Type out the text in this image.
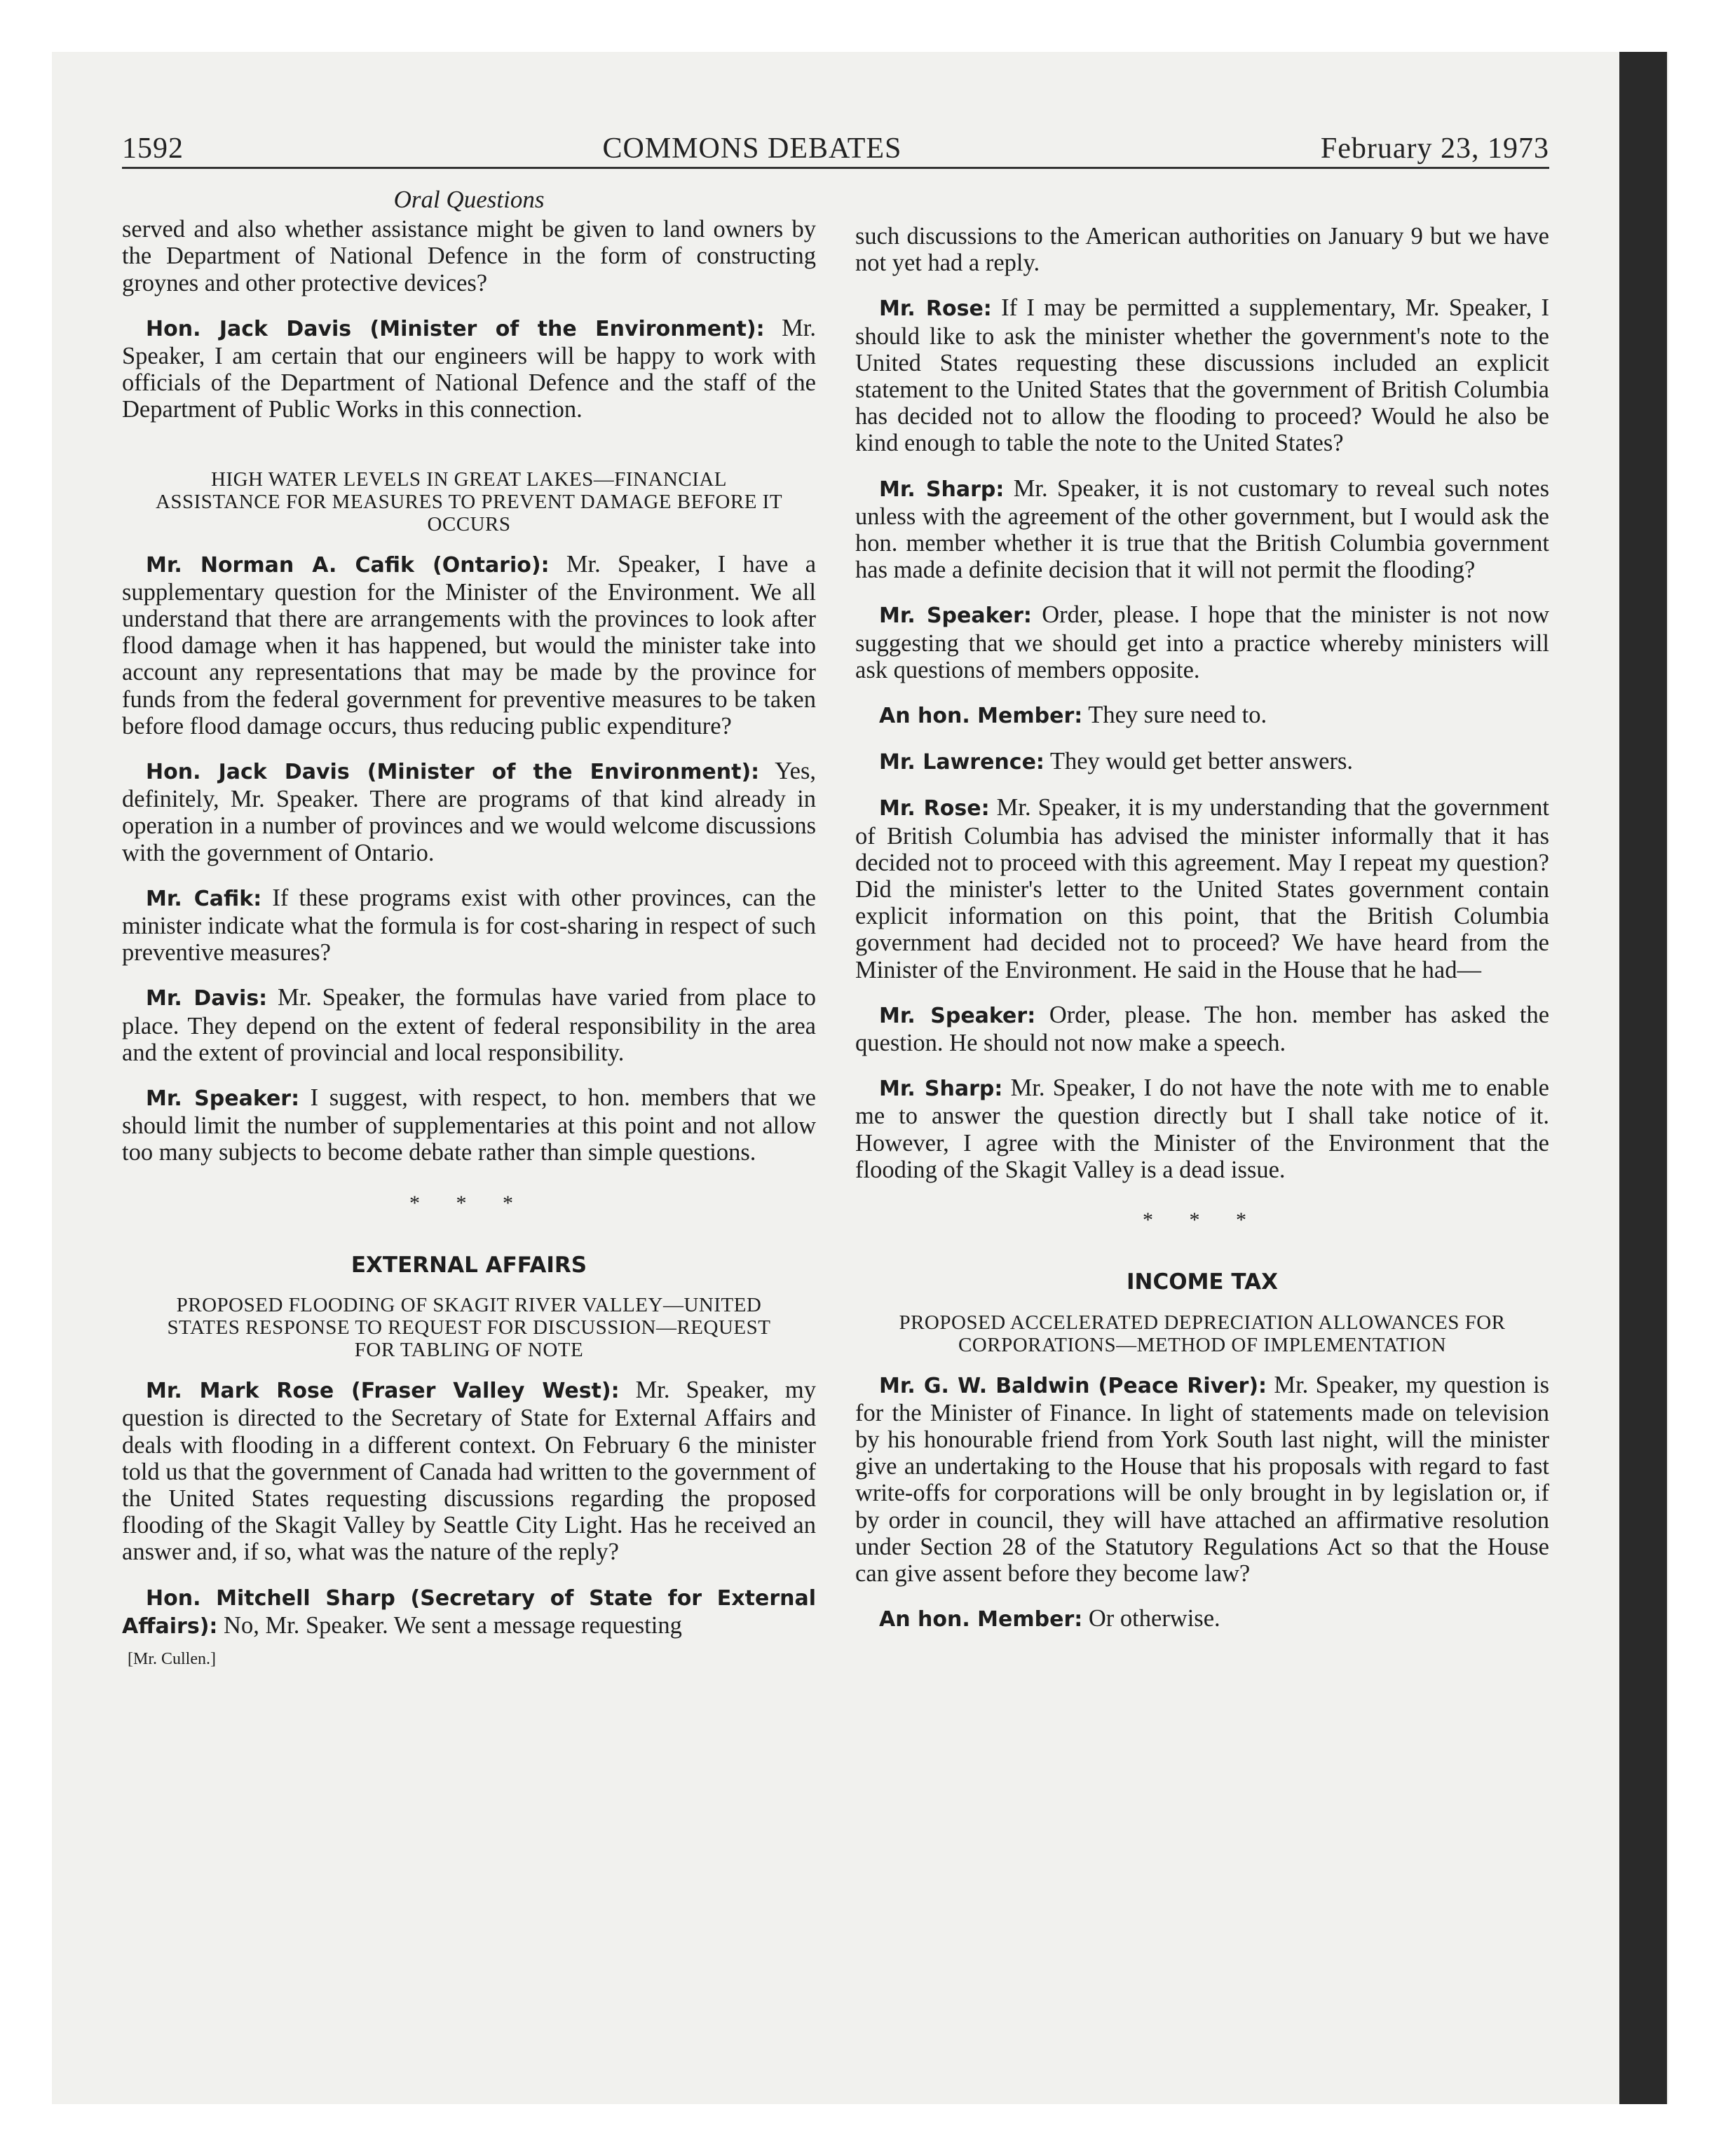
1592	COMMONS DEBATES	February 23, 1973
Oral Questions

served and also whether assistance might be given to land owners by the Department of National Defence in the form of constructing groynes and other protective devices?

Hon. Jack Davis (Minister of the Environment): Mr. Speaker, I am certain that our engineers will be happy to work with officials of the Department of National Defence and the staff of the Department of Public Works in this connection.

HIGH WATER LEVELS IN GREAT LAKES—FINANCIAL ASSISTANCE FOR MEASURES TO PREVENT DAMAGE BEFORE IT OCCURS

Mr. Norman A. Cafik (Ontario): Mr. Speaker, I have a supplementary question for the Minister of the Environment. We all understand that there are arrangements with the provinces to look after flood damage when it has happened, but would the minister take into account any representations that may be made by the province for funds from the federal government for preventive measures to be taken before flood damage occurs, thus reducing public expenditure?

Hon. Jack Davis (Minister of the Environment): Yes, definitely, Mr. Speaker. There are programs of that kind already in operation in a number of provinces and we would welcome discussions with the government of Ontario.

Mr. Cafik: If these programs exist with other provinces, can the minister indicate what the formula is for cost-sharing in respect of such preventive measures?

Mr. Davis: Mr. Speaker, the formulas have varied from place to place. They depend on the extent of federal responsibility in the area and the extent of provincial and local responsibility.

Mr. Speaker: I suggest, with respect, to hon. members that we should limit the number of supplementaries at this point and not allow too many subjects to become debate rather than simple questions.

* * *
EXTERNAL AFFAIRS
PROPOSED FLOODING OF SKAGIT RIVER VALLEY—UNITED STATES RESPONSE TO REQUEST FOR DISCUSSION—REQUEST FOR TABLING OF NOTE

Mr. Mark Rose (Fraser Valley West): Mr. Speaker, my question is directed to the Secretary of State for External Affairs and deals with flooding in a different context. On February 6 the minister told us that the government of Canada had written to the government of the United States requesting discussions regarding the proposed flooding of the Skagit Valley by Seattle City Light. Has he received an answer and, if so, what was the nature of the reply?

Hon. Mitchell Sharp (Secretary of State for External Affairs): No, Mr. Speaker. We sent a message requesting

[Mr. Cullen.]

such discussions to the American authorities on January 9 but we have not yet had a reply.

Mr. Rose: If I may be permitted a supplementary, Mr. Speaker, I should like to ask the minister whether the government's note to the United States requesting these discussions included an explicit statement to the United States that the government of British Columbia has decided not to allow the flooding to proceed? Would he also be kind enough to table the note to the United States?

Mr. Sharp: Mr. Speaker, it is not customary to reveal such notes unless with the agreement of the other government, but I would ask the hon. member whether it is true that the British Columbia government has made a definite decision that it will not permit the flooding?

Mr. Speaker: Order, please. I hope that the minister is not now suggesting that we should get into a practice whereby ministers will ask questions of members opposite.

An hon. Member: They sure need to.

Mr. Lawrence: They would get better answers.

Mr. Rose: Mr. Speaker, it is my understanding that the government of British Columbia has advised the minister informally that it has decided not to proceed with this agreement. May I repeat my question? Did the minister's letter to the United States government contain explicit information on this point, that the British Columbia government had decided not to proceed? We have heard from the Minister of the Environment. He said in the House that he had—

Mr. Speaker: Order, please. The hon. member has asked the question. He should not now make a speech.

Mr. Sharp: Mr. Speaker, I do not have the note with me to enable me to answer the question directly but I shall take notice of it. However, I agree with the Minister of the Environment that the flooding of the Skagit Valley is a dead issue.

* * *
INCOME TAX
PROPOSED ACCELERATED DEPRECIATION ALLOWANCES FOR CORPORATIONS—METHOD OF IMPLEMENTATION

Mr. G. W. Baldwin (Peace River): Mr. Speaker, my question is for the Minister of Finance. In light of statements made on television by his honourable friend from York South last night, will the minister give an undertaking to the House that his proposals with regard to fast write-offs for corporations will be only brought in by legislation or, if by order in council, they will have attached an affirmative resolution under Section 28 of the Statutory Regulations Act so that the House can give assent before they become law?

An hon. Member: Or otherwise.
